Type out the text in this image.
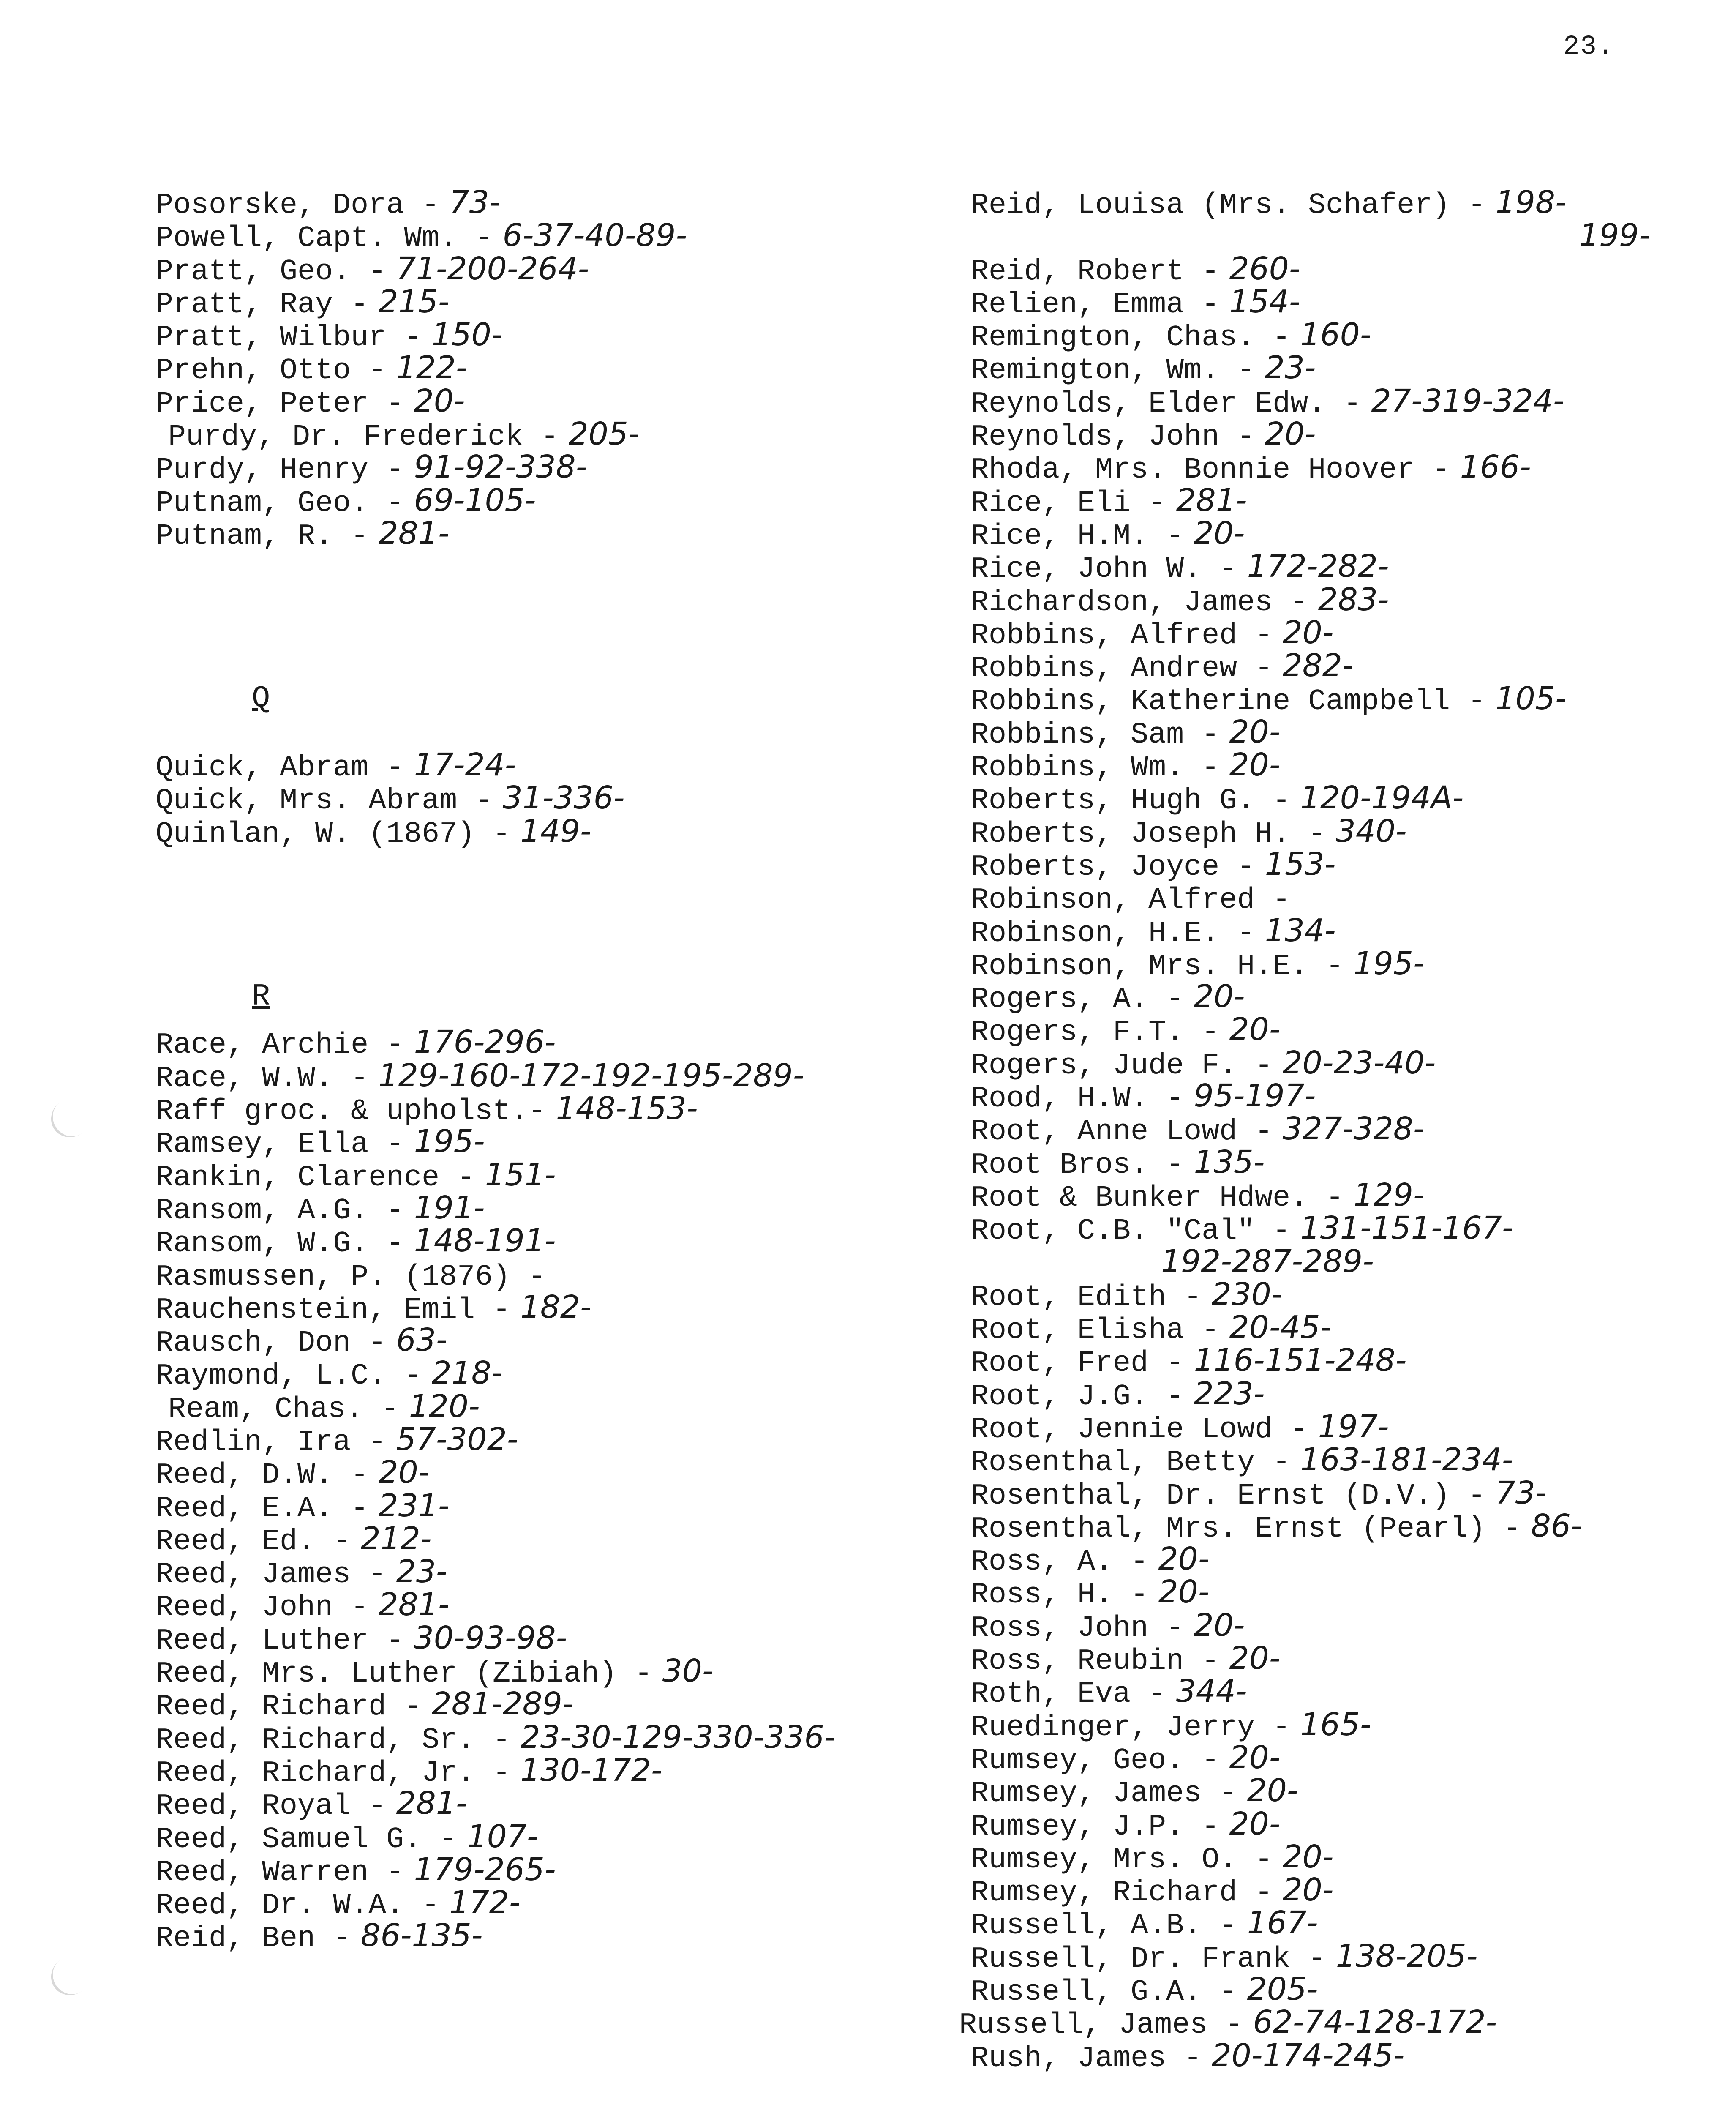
23.
Posorske, Dora - 73-
Powell, Capt. Wm. - 6-37-40-89-
Pratt, Geo. - 71-200-264-
Pratt, Ray - 215-
Pratt, Wilbur - 150-
Prehn, Otto - 122-
Price, Peter - 20-
Purdy, Dr. Frederick - 205-
Purdy, Henry - 91-92-338-
Putnam, Geo. - 69-105-
Putnam, R. - 281-
Q
Quick, Abram - 17-24-
Quick, Mrs. Abram - 31-336-
Quinlan, W. (1867) - 149-
R
Race, Archie - 176-296-
Race, W.W. - 129-160-172-192-195-289-
Raff groc. & upholst.- 148-153-
Ramsey, Ella - 195-
Rankin, Clarence - 151-
Ransom, A.G. - 191-
Ransom, W.G. - 148-191-
Rasmussen, P. (1876) -
Rauchenstein, Emil - 182-
Rausch, Don - 63-
Raymond, L.C. - 218-
Ream, Chas. - 120-
Redlin, Ira - 57-302-
Reed, D.W. - 20-
Reed, E.A. - 231-
Reed, Ed. - 212-
Reed, James - 23-
Reed, John - 281-
Reed, Luther - 30-93-98-
Reed, Mrs. Luther (Zibiah) - 30-
Reed, Richard - 281-289-
Reed, Richard, Sr. - 23-30-129-330-336-
Reed, Richard, Jr. - 130-172-
Reed, Royal - 281-
Reed, Samuel G. - 107-
Reed, Warren - 179-265-
Reed, Dr. W.A. - 172-
Reid, Ben - 86-135-
Reid, Louisa (Mrs. Schafer) - 198-
199-
Reid, Robert - 260-
Relien, Emma - 154-
Remington, Chas. - 160-
Remington, Wm. - 23-
Reynolds, Elder Edw. - 27-319-324-
Reynolds, John - 20-
Rhoda, Mrs. Bonnie Hoover - 166-
Rice, Eli - 281-
Rice, H.M. - 20-
Rice, John W. - 172-282-
Richardson, James - 283-
Robbins, Alfred - 20-
Robbins, Andrew - 282-
Robbins, Katherine Campbell - 105-
Robbins, Sam - 20-
Robbins, Wm. - 20-
Roberts, Hugh G. - 120-194A-
Roberts, Joseph H. - 340-
Roberts, Joyce - 153-
Robinson, Alfred -
Robinson, H.E. - 134-
Robinson, Mrs. H.E. - 195-
Rogers, A. - 20-
Rogers, F.T. - 20-
Rogers, Jude F. - 20-23-40-
Rood, H.W. - 95-197-
Root, Anne Lowd - 327-328-
Root Bros. - 135-
Root & Bunker Hdwe. - 129-
Root, C.B. "Cal" - 131-151-167-
192-287-289-
Root, Edith - 230-
Root, Elisha - 20-45-
Root, Fred - 116-151-248-
Root, J.G. - 223-
Root, Jennie Lowd - 197-
Rosenthal, Betty - 163-181-234-
Rosenthal, Dr. Ernst (D.V.) - 73-
Rosenthal, Mrs. Ernst (Pearl) - 86-
Ross, A. - 20-
Ross, H. - 20-
Ross, John - 20-
Ross, Reubin - 20-
Roth, Eva - 344-
Ruedinger, Jerry - 165-
Rumsey, Geo. - 20-
Rumsey, James - 20-
Rumsey, J.P. - 20-
Rumsey, Mrs. O. - 20-
Rumsey, Richard - 20-
Russell, A.B. - 167-
Russell, Dr. Frank - 138-205-
Russell, G.A. - 205-
Russell, James - 62-74-128-172-
Rush, James - 20-174-245-
